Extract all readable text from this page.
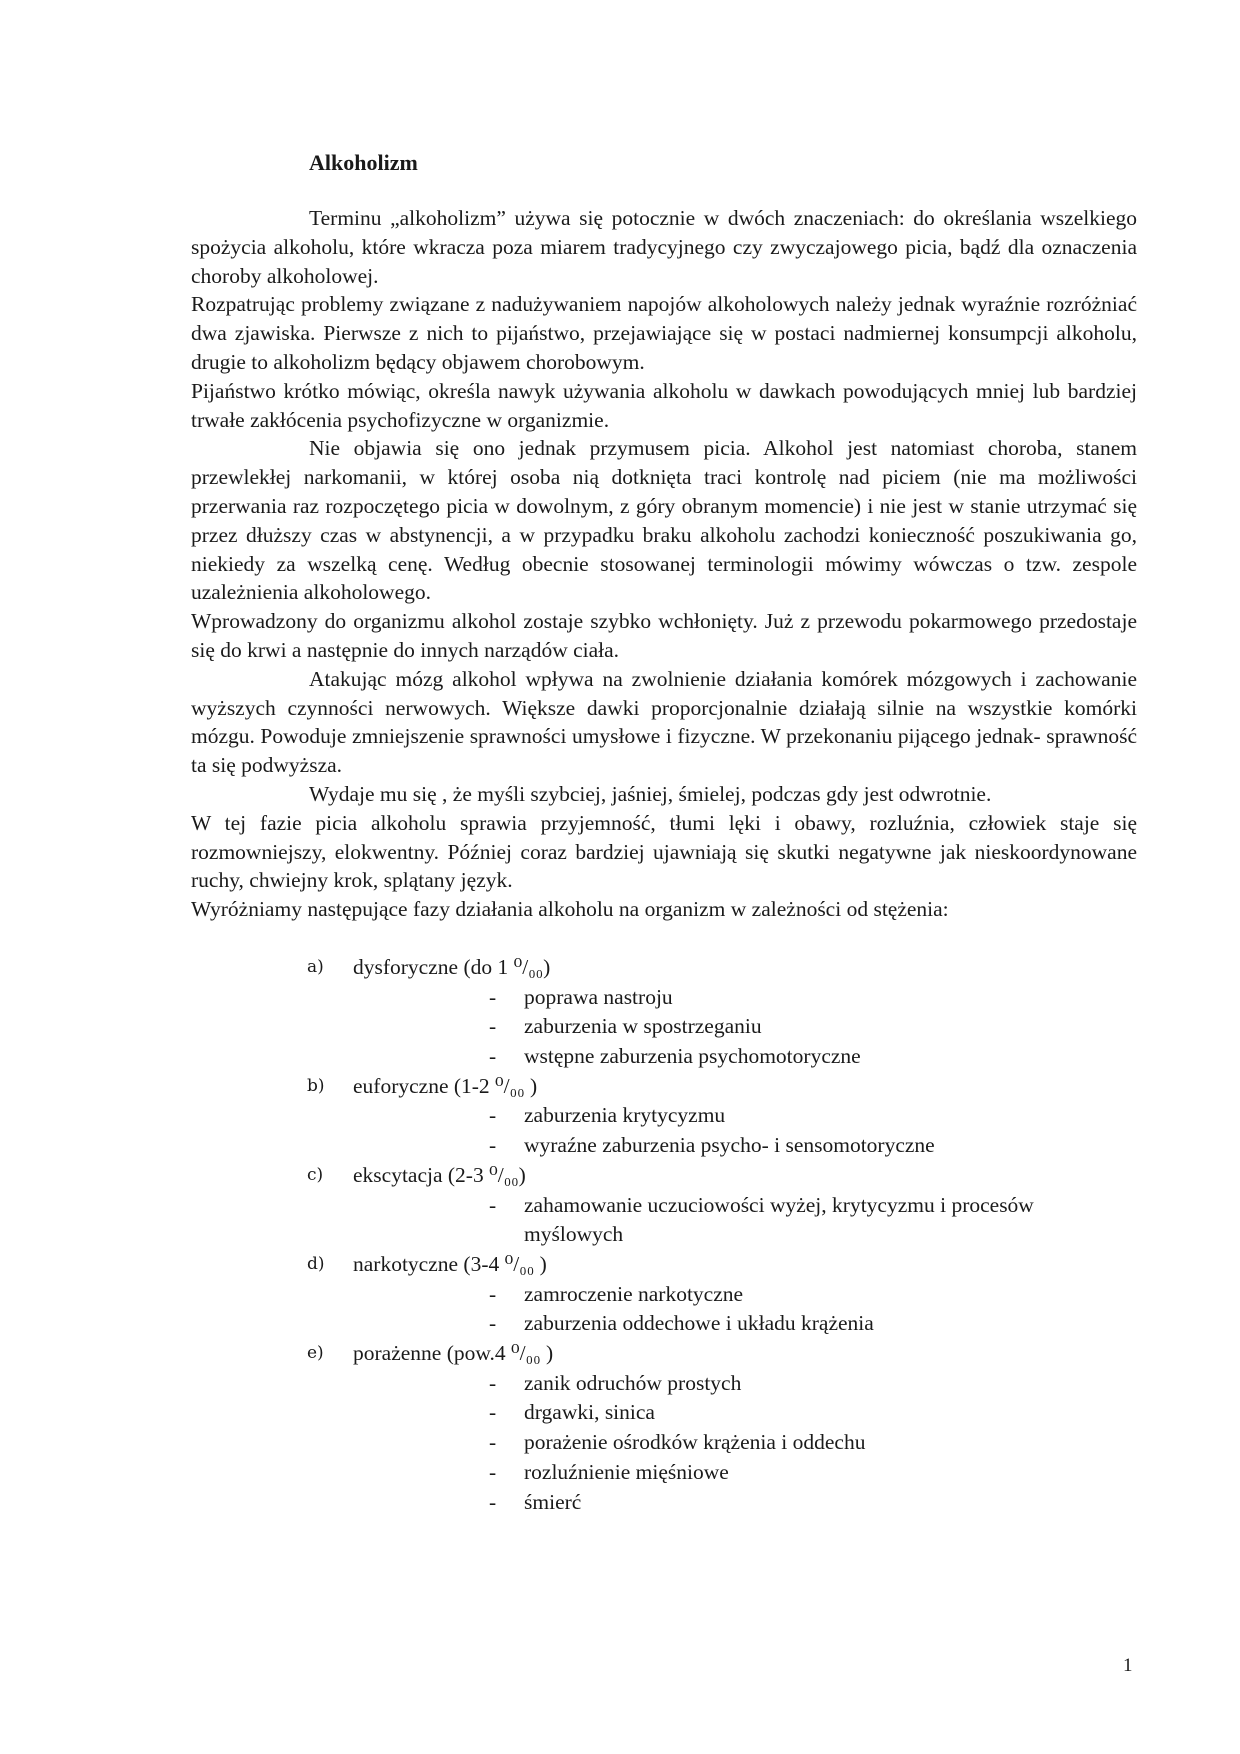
Alkoholizm

Terminu „alkoholizm” używa się potocznie w dwóch znaczeniach: do określania wszelkiego spożycia alkoholu, które wkracza poza miarem tradycyjnego czy zwyczajowego picia, bądź dla oznaczenia choroby alkoholowej.

Rozpatrując problemy związane z nadużywaniem napojów alkoholowych należy jednak wyraźnie rozróżniać dwa zjawiska. Pierwsze z nich to pijaństwo, przejawiające się w postaci nadmiernej konsumpcji alkoholu, drugie to alkoholizm będący objawem chorobowym.

Pijaństwo krótko mówiąc, określa nawyk używania alkoholu w dawkach powodujących mniej lub bardziej trwałe zakłócenia psychofizyczne w organizmie.

Nie objawia się ono jednak przymusem picia. Alkohol jest natomiast choroba, stanem przewlekłej narkomanii, w której osoba nią dotknięta traci kontrolę nad piciem (nie ma możliwości przerwania raz rozpoczętego picia w dowolnym, z góry obranym momencie) i nie jest w stanie utrzymać się przez dłuższy czas w abstynencji, a w przypadku braku alkoholu zachodzi konieczność poszukiwania go, niekiedy za wszelką cenę. Według obecnie stosowanej terminologii mówimy wówczas o tzw. zespole uzależnienia alkoholowego.

Wprowadzony do organizmu alkohol zostaje szybko wchłonięty. Już z przewodu pokarmowego przedostaje się do krwi a następnie do innych narządów ciała.

Atakując mózg alkohol wpływa na zwolnienie działania komórek mózgowych i zachowanie wyższych czynności nerwowych. Większe dawki proporcjonalnie działają silnie na wszystkie komórki mózgu. Powoduje zmniejszenie sprawności umysłowe i fizyczne. W przekonaniu pijącego jednak- sprawność ta się podwyższa.

Wydaje mu się , że myśli szybciej, jaśniej, śmielej, podczas gdy jest odwrotnie.

W tej fazie picia alkoholu sprawia przyjemność, tłumi lęki i obawy, rozluźnia, człowiek staje się rozmowniejszy, elokwentny. Później coraz bardziej ujawniają się skutki negatywne jak nieskoordynowane ruchy, chwiejny krok, splątany język.

Wyróżniamy następujące fazy działania alkoholu na organizm w zależności od stężenia:

a) dysforyczne (do 1 ⁰/₀₀)
- poprawa nastroju
- zaburzenia w spostrzeganiu
- wstępne zaburzenia psychomotoryczne
b) euforyczne (1-2 ⁰/₀₀ )
- zaburzenia krytycyzmu
- wyraźne zaburzenia psycho- i sensomotoryczne
c) ekscytacja (2-3 ⁰/₀₀)
- zahamowanie uczuciowości wyżej, krytycyzmu i procesów myślowych
d) narkotyczne (3-4 ⁰/₀₀ )
- zamroczenie narkotyczne
- zaburzenia oddechowe i układu krążenia
e) porażenne (pow.4 ⁰/₀₀ )
- zanik odruchów prostych
- drgawki, sinica
- porażenie ośrodków krążenia i oddechu
- rozluźnienie mięśniowe
- śmierć
1
